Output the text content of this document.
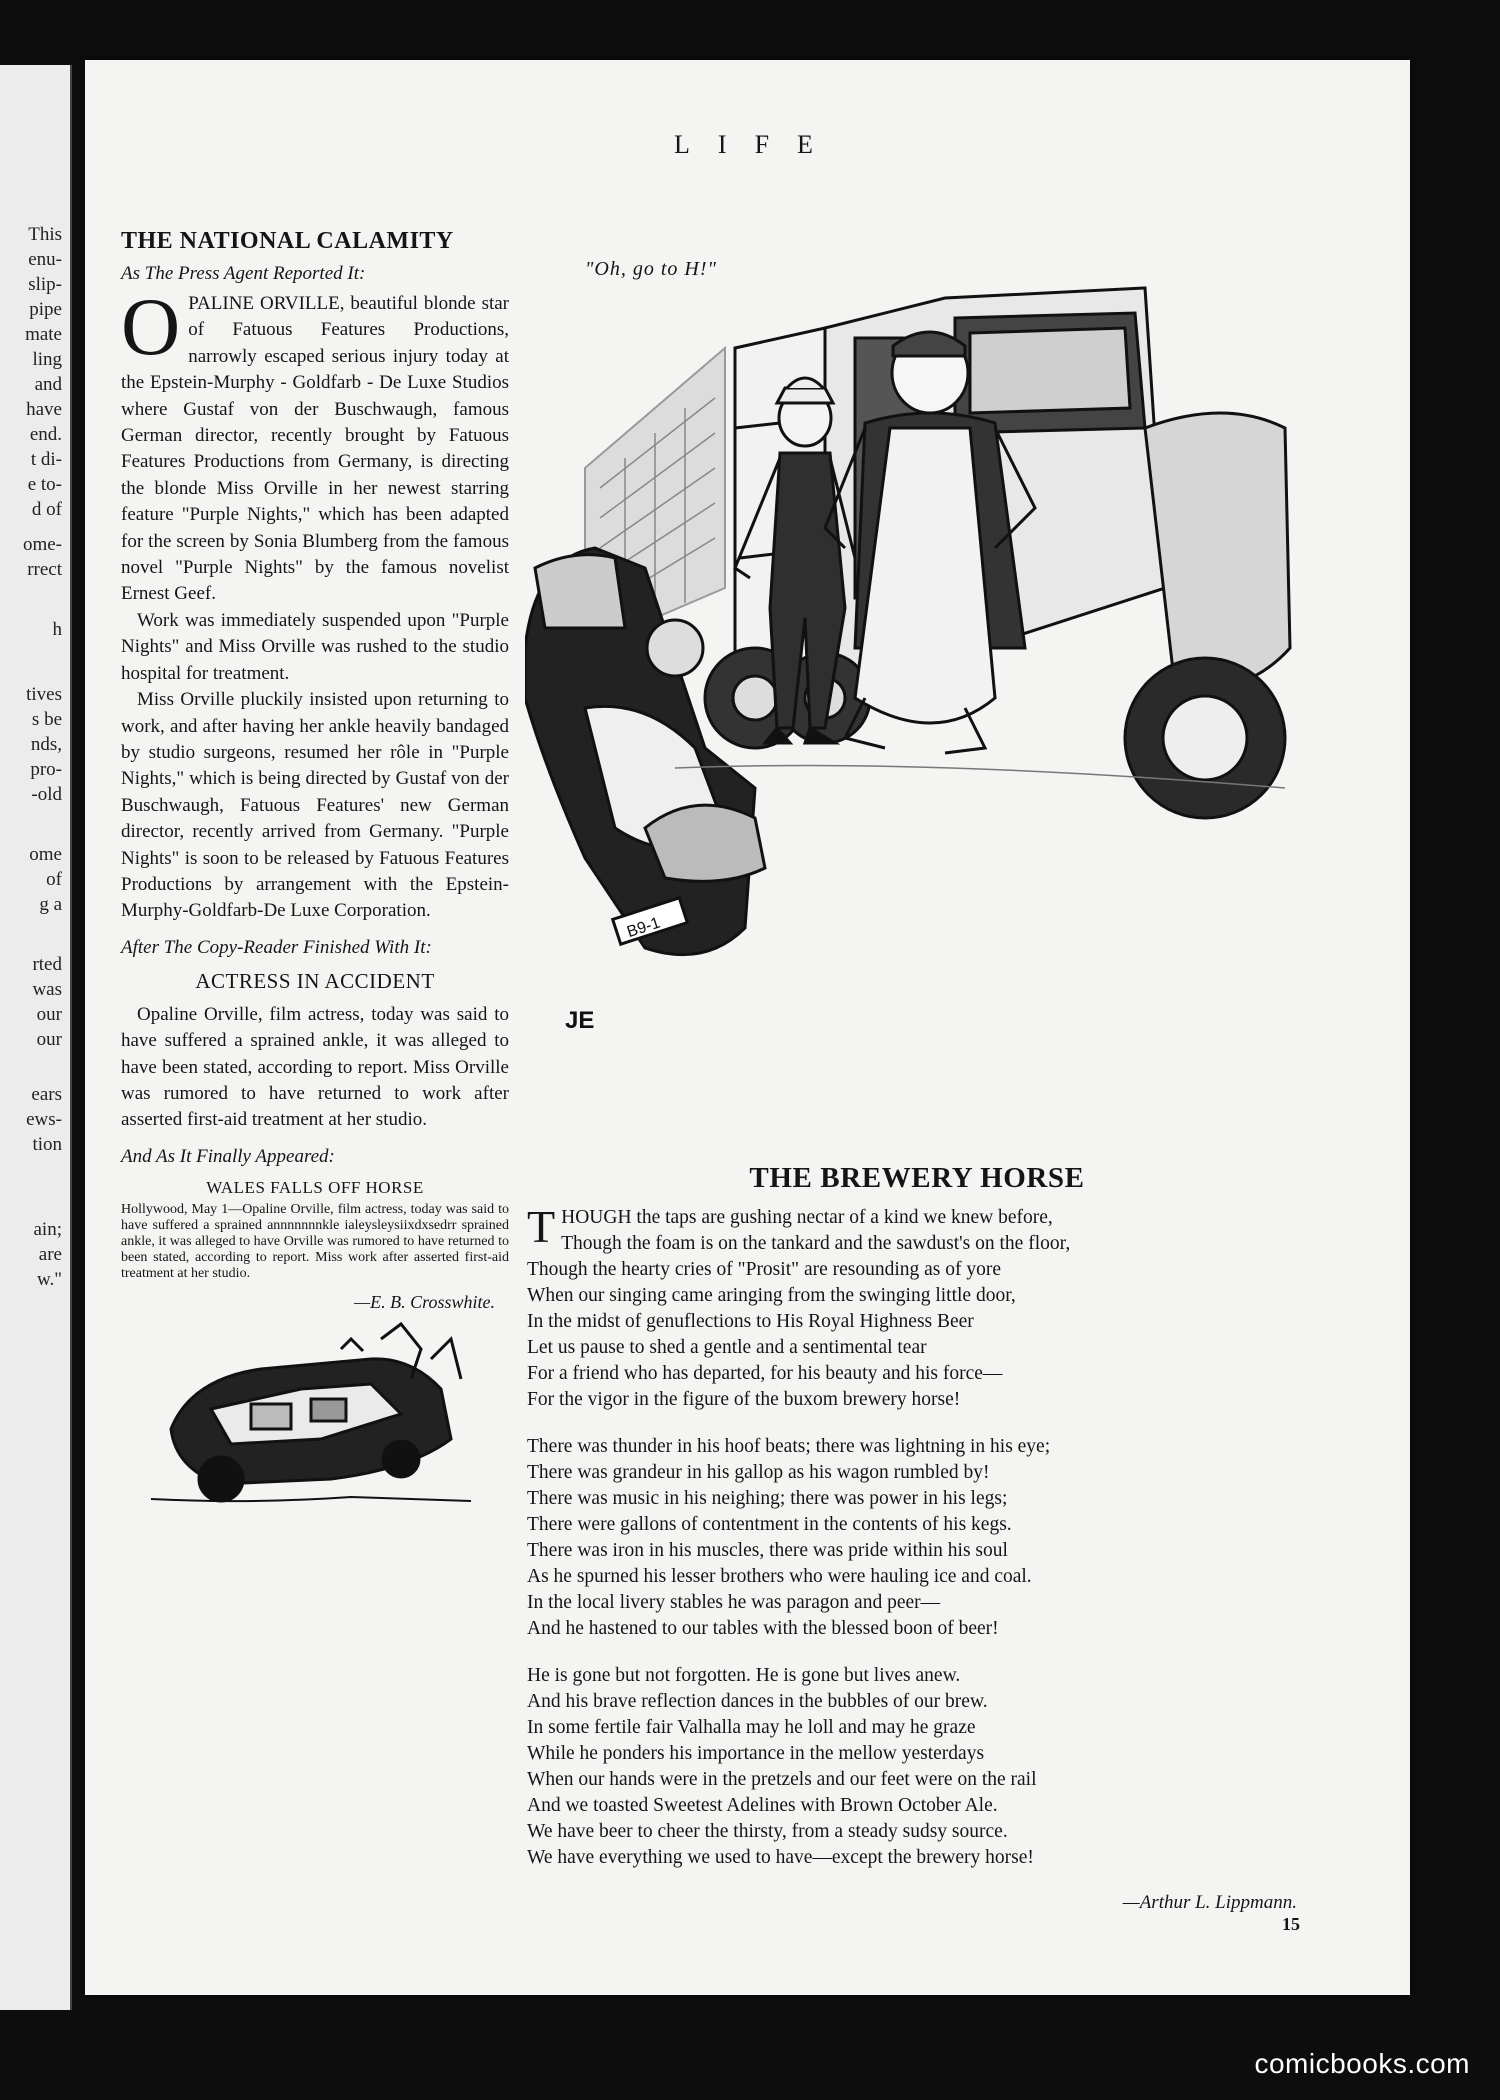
This
enu-
slip-
pipe
mate
ling
and
have
end.
t di-
e to-
d of
ome-
rrect
h
tives
s be
nds,
pro-
-old
ome
of
g a
rted
was
our
our
ears
ews-
tion
ain;
are
w."
LIFE
THE NATIONAL CALAMITY
As The Press Agent Reported It:

OPALINE ORVILLE, beautiful blonde star of Fatuous Features Productions, narrowly escaped serious injury today at the Epstein-Murphy - Goldfarb - De Luxe Studios where Gustaf von der Buschwaugh, famous German director, recently brought by Fatuous Features Productions from Germany, is directing the blonde Miss Orville in her newest starring feature "Purple Nights," which has been adapted for the screen by Sonia Blumberg from the famous novel "Purple Nights" by the famous novelist Ernest Geef.

Work was immediately suspended upon "Purple Nights" and Miss Orville was rushed to the studio hospital for treatment.

Miss Orville pluckily insisted upon returning to work, and after having her ankle heavily bandaged by studio surgeons, resumed her rôle in "Purple Nights," which is being directed by Gustaf von der Buschwaugh, Fatuous Features' new German director, recently arrived from Germany. "Purple Nights" is soon to be released by Fatuous Features Productions by arrangement with the Epstein-Murphy-Goldfarb-De Luxe Corporation.

After The Copy-Reader Finished With It:
ACTRESS IN ACCIDENT

Opaline Orville, film actress, today was said to have suffered a sprained ankle, it was alleged to have been stated, according to report. Miss Orville was rumored to have returned to work after asserted first-aid treatment at her studio.

And As It Finally Appeared:
WALES FALLS OFF HORSE

Hollywood, May 1—Opaline Orville, film actress, today was said to have suffered a sprained annnnnnnkle ialeysleysiixdxsedrr sprained ankle, it was alleged to have Orville was rumored to have returned to been stated, according to report. Miss work after asserted first-aid treatment at her studio.

—E. B. Crosswhite.
B9-1
JE
"Oh, go to H!"
THE BREWERY HORSE
THOUGH the taps are gushing nectar of a kind we knew before,
Though the foam is on the tankard and the sawdust's on the floor,
Though the hearty cries of "Prosit" are resounding as of yore
When our singing came aringing from the swinging little door,
In the midst of genuflections to His Royal Highness Beer
Let us pause to shed a gentle and a sentimental tear
For a friend who has departed, for his beauty and his force—
For the vigor in the figure of the buxom brewery horse!
There was thunder in his hoof beats; there was lightning in his eye;
There was grandeur in his gallop as his wagon rumbled by!
There was music in his neighing; there was power in his legs;
There were gallons of contentment in the contents of his kegs.
There was iron in his muscles, there was pride within his soul
As he spurned his lesser brothers who were hauling ice and coal.
In the local livery stables he was paragon and peer—
And he hastened to our tables with the blessed boon of beer!
He is gone but not forgotten. He is gone but lives anew.
And his brave reflection dances in the bubbles of our brew.
In some fertile fair Valhalla may he loll and may he graze
While he ponders his importance in the mellow yesterdays
When our hands were in the pretzels and our feet were on the rail
And we toasted Sweetest Adelines with Brown October Ale.
We have beer to cheer the thirsty, from a steady sudsy source.
We have everything we used to have—except the brewery horse!
—Arthur L. Lippmann.
15
comicbooks.com
